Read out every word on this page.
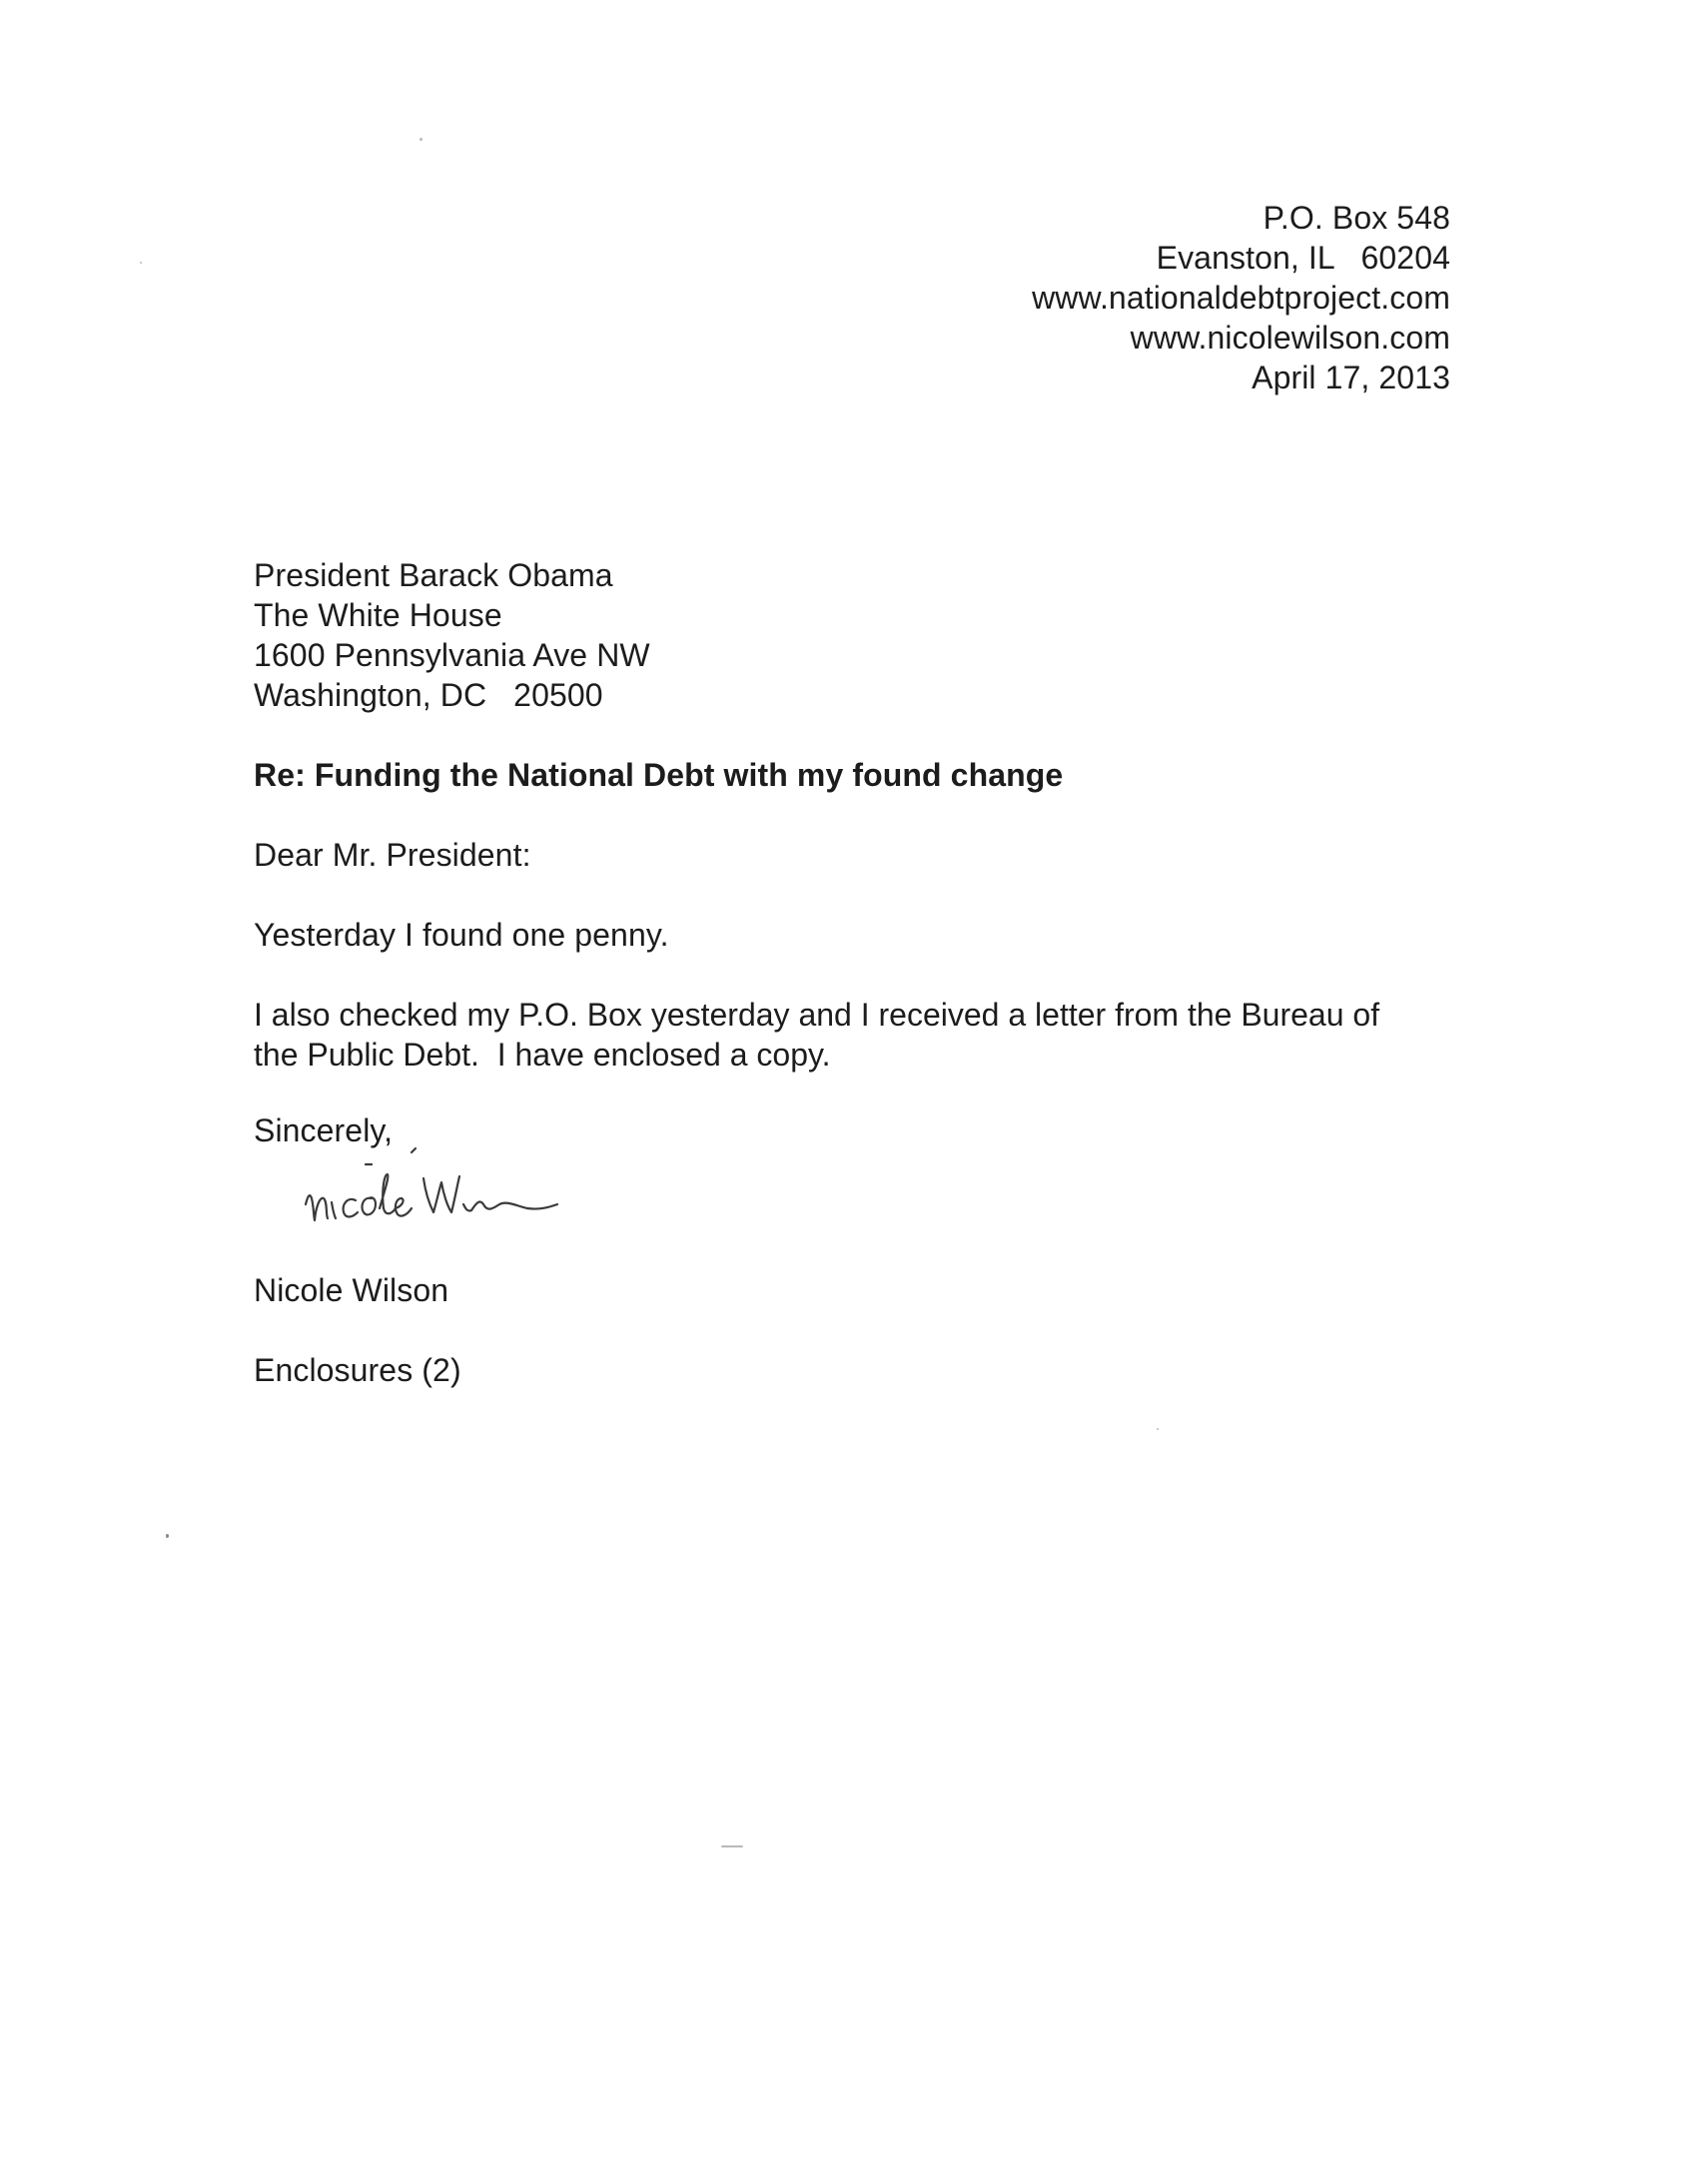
P.O. Box 548
Evanston, IL   60204
www.nationaldebtproject.com
www.nicolewilson.com
April 17, 2013
President Barack Obama
The White House
1600 Pennsylvania Ave NW
Washington, DC   20500
Re: Funding the National Debt with my found change
Dear Mr. President:
Yesterday I found one penny.
I also checked my P.O. Box yesterday and I received a letter from the Bureau of
the Public Debt.  I have enclosed a copy.
Sincerely,
Nicole Wilson
Enclosures (2)
